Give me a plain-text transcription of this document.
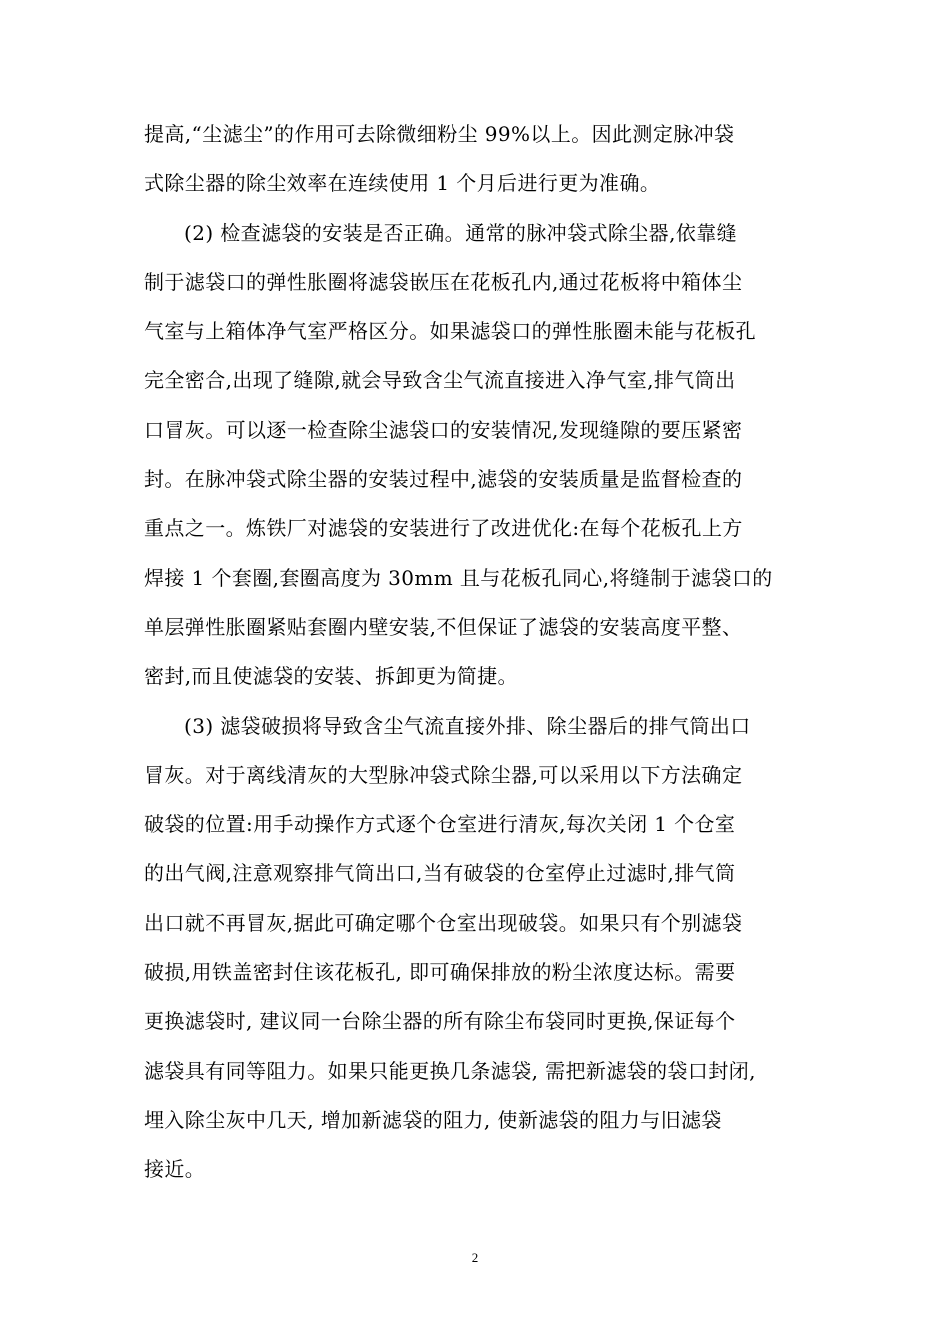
提高,“尘滤尘”的作用可去除微细粉尘 99%以上。因此测定脉冲袋
式除尘器的除尘效率在连续使用 1 个月后进行更为准确。
(2) 检查滤袋的安装是否正确。通常的脉冲袋式除尘器,依靠缝
制于滤袋口的弹性胀圈将滤袋嵌压在花板孔内,通过花板将中箱体尘
气室与上箱体净气室严格区分。如果滤袋口的弹性胀圈未能与花板孔
完全密合,出现了缝隙,就会导致含尘气流直接进入净气室,排气筒出
口冒灰。可以逐一检查除尘滤袋口的安装情况,发现缝隙的要压紧密
封。在脉冲袋式除尘器的安装过程中,滤袋的安装质量是监督检查的
重点之一。炼铁厂对滤袋的安装进行了改进优化:在每个花板孔上方
焊接 1 个套圈,套圈高度为 30mm 且与花板孔同心,将缝制于滤袋口的
单层弹性胀圈紧贴套圈内壁安装,不但保证了滤袋的安装高度平整、
密封,而且使滤袋的安装、拆卸更为简捷。
(3) 滤袋破损将导致含尘气流直接外排、除尘器后的排气筒出口
冒灰。对于离线清灰的大型脉冲袋式除尘器,可以采用以下方法确定
破袋的位置:用手动操作方式逐个仓室进行清灰,每次关闭 1 个仓室
的出气阀,注意观察排气筒出口,当有破袋的仓室停止过滤时,排气筒
出口就不再冒灰,据此可确定哪个仓室出现破袋。如果只有个别滤袋
破损,用铁盖密封住该花板孔, 即可确保排放的粉尘浓度达标。需要
更换滤袋时, 建议同一台除尘器的所有除尘布袋同时更换,保证每个
滤袋具有同等阻力。如果只能更换几条滤袋, 需把新滤袋的袋口封闭,
埋入除尘灰中几天, 增加新滤袋的阻力, 使新滤袋的阻力与旧滤袋
接近。
2
